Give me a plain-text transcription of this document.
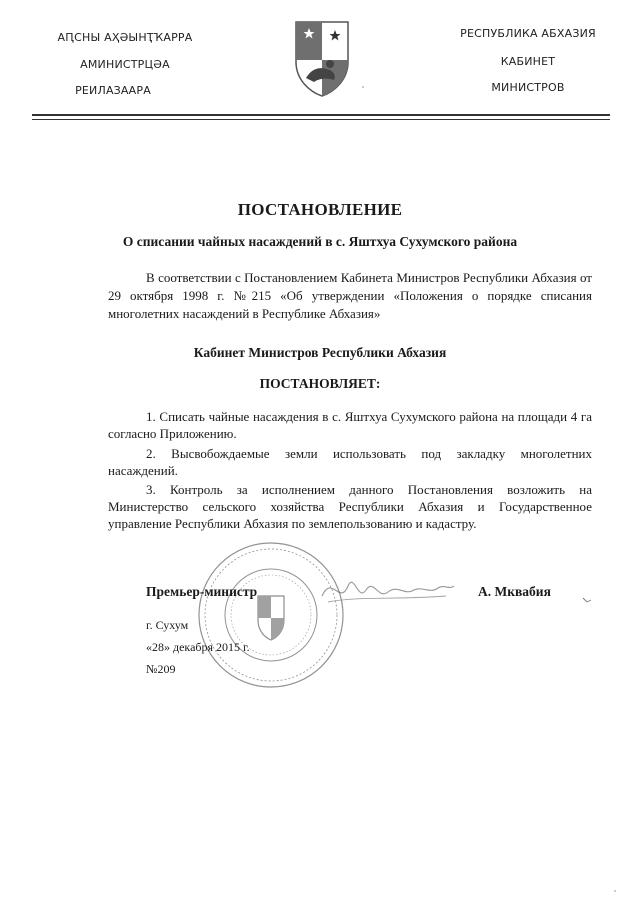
АԤСНЫ АҲӘЫНҬҠАРРА
АМИНИСТРЦӘА
РЕИЛАЗААРА
РЕСПУБЛИКА АБХАЗИЯ
КАБИНЕТ
МИНИСТРОВ
ПОСТАНОВЛЕНИЕ
О списании чайных насаждений в с. Яштхуа Сухумского района
В соответствии с Постановлением Кабинета Министров Республики Абхазия от 29 октября 1998 г. №215 «Об утверждении «Положения о порядке списания многолетних насаждений в Республике Абхазия»
Кабинет Министров Республики Абхазия
ПОСТАНОВЛЯЕТ:
1. Списать чайные насаждения в с. Яштхуа Сухумского района на площади 4 га согласно Приложению.
2. Высвобождаемые земли использовать под закладку многолетних насаждений.
3. Контроль за исполнением данного Постановления возложить на Министерство сельского хозяйства Республики Абхазия и Государственное управление Республики Абхазия по землепользованию и кадастру.
Премьер-министр	А. Мквабия
г. Сухум
«28» декабря 2015 г.
№209
